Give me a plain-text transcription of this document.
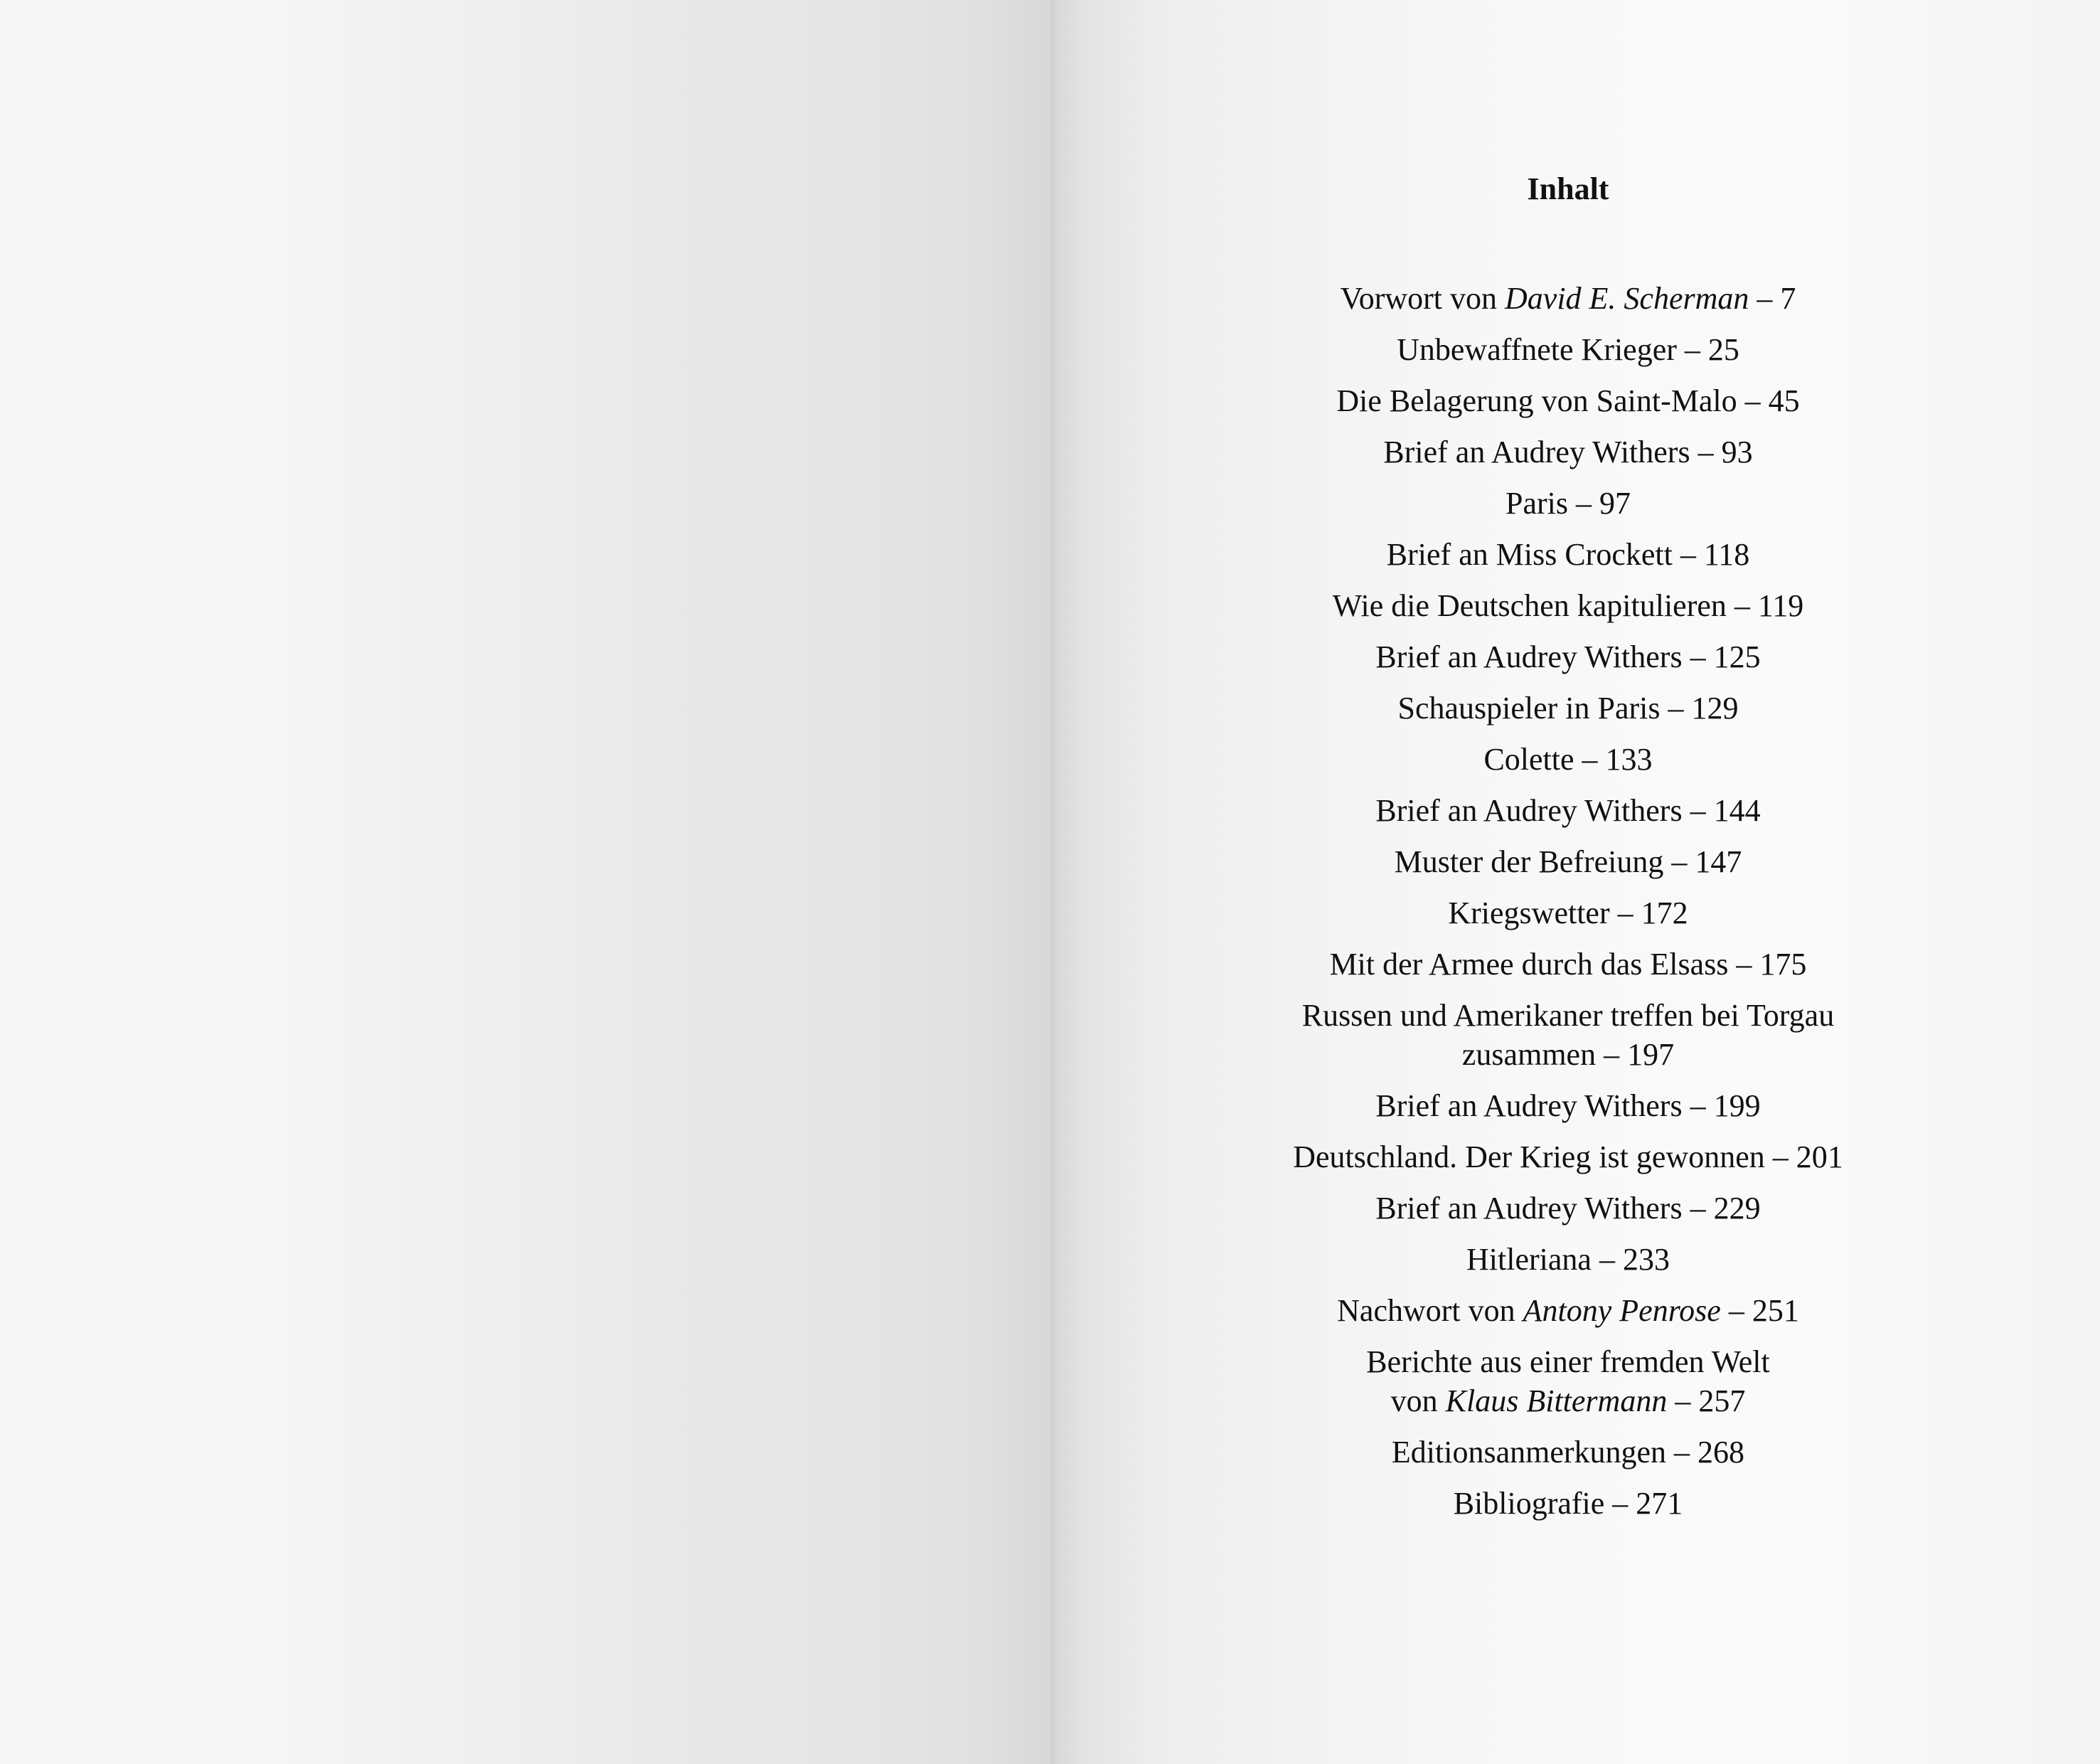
Inhalt
Vorwort von David E. Scherman – 7
Unbewaffnete Krieger – 25
Die Belagerung von Saint-Malo – 45
Brief an Audrey Withers – 93
Paris – 97
Brief an Miss Crockett – 118
Wie die Deutschen kapitulieren – 119
Brief an Audrey Withers – 125
Schauspieler in Paris – 129
Colette – 133
Brief an Audrey Withers – 144
Muster der Befreiung – 147
Kriegswetter – 172
Mit der Armee durch das Elsass – 175
Russen und Amerikaner treffen bei Torgau
zusammen – 197
Brief an Audrey Withers – 199
Deutschland. Der Krieg ist gewonnen – 201
Brief an Audrey Withers – 229
Hitleriana – 233
Nachwort von Antony Penrose – 251
Berichte aus einer fremden Welt
von Klaus Bittermann – 257
Editionsanmerkungen – 268
Bibliografie – 271
